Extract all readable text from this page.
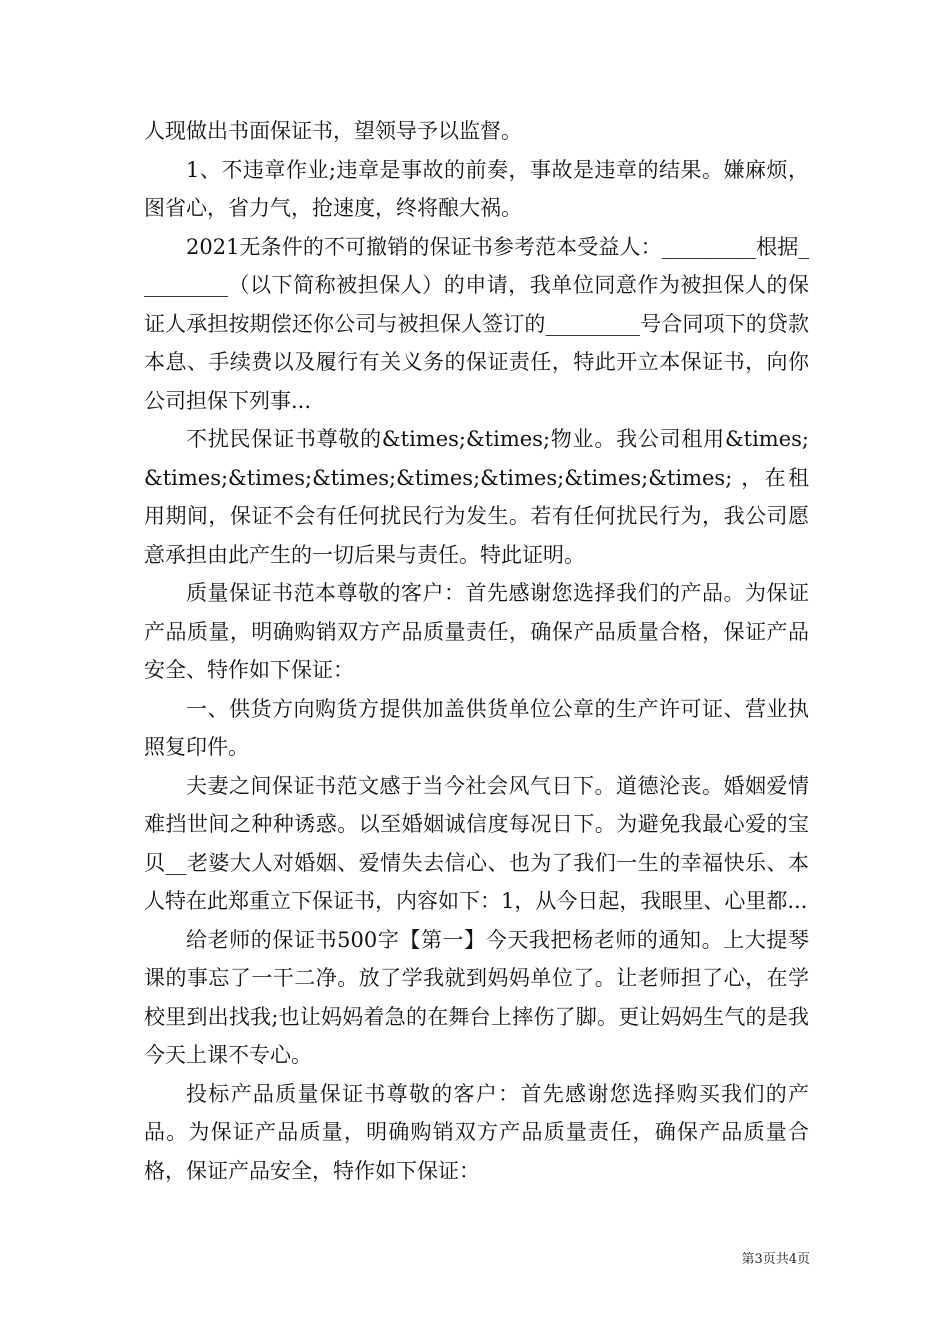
人现做出书面保证书，望领导予以监督。

1、不违章作业;违章是事故的前奏，事故是违章的结果。嫌麻烦，图省心，省力气，抢速度，终将酿大祸。

2021无条件的不可撤销的保证书参考范本受益人：_________根据_________（以下简称被担保人）的申请，我单位同意作为被担保人的保证人承担按期偿还你公司与被担保人签订的_________号合同项下的贷款本息、手续费以及履行有关义务的保证责任，特此开立本保证书，向你公司担保下列事...

不扰民保证书尊敬的&times;&times;物业。我公司租用&times;&times;&times;&times;&times;&times;&times;&times; ，在租用期间，保证不会有任何扰民行为发生。若有任何扰民行为，我公司愿意承担由此产生的一切后果与责任。特此证明。

质量保证书范本尊敬的客户：首先感谢您选择我们的产品。为保证产品质量，明确购销双方产品质量责任，确保产品质量合格，保证产品安全、特作如下保证：

一、供货方向购货方提供加盖供货单位公章的生产许可证、营业执照复印件。

夫妻之间保证书范文感于当今社会风气日下。道德沦丧。婚姻爱情难挡世间之种种诱惑。以至婚姻诚信度每况日下。为避免我最心爱的宝贝__老婆大人对婚姻、爱情失去信心、也为了我们一生的幸福快乐、本人特在此郑重立下保证书，内容如下：1，从今日起，我眼里、心里都...

给老师的保证书500字【第一】今天我把杨老师的通知。上大提琴课的事忘了一干二净。放了学我就到妈妈单位了。让老师担了心，在学校里到出找我;也让妈妈着急的在舞台上摔伤了脚。更让妈妈生气的是我今天上课不专心。

投标产品质量保证书尊敬的客户：首先感谢您选择购买我们的产品。为保证产品质量，明确购销双方产品质量责任，确保产品质量合格，保证产品安全，特作如下保证：

第3页共4页
